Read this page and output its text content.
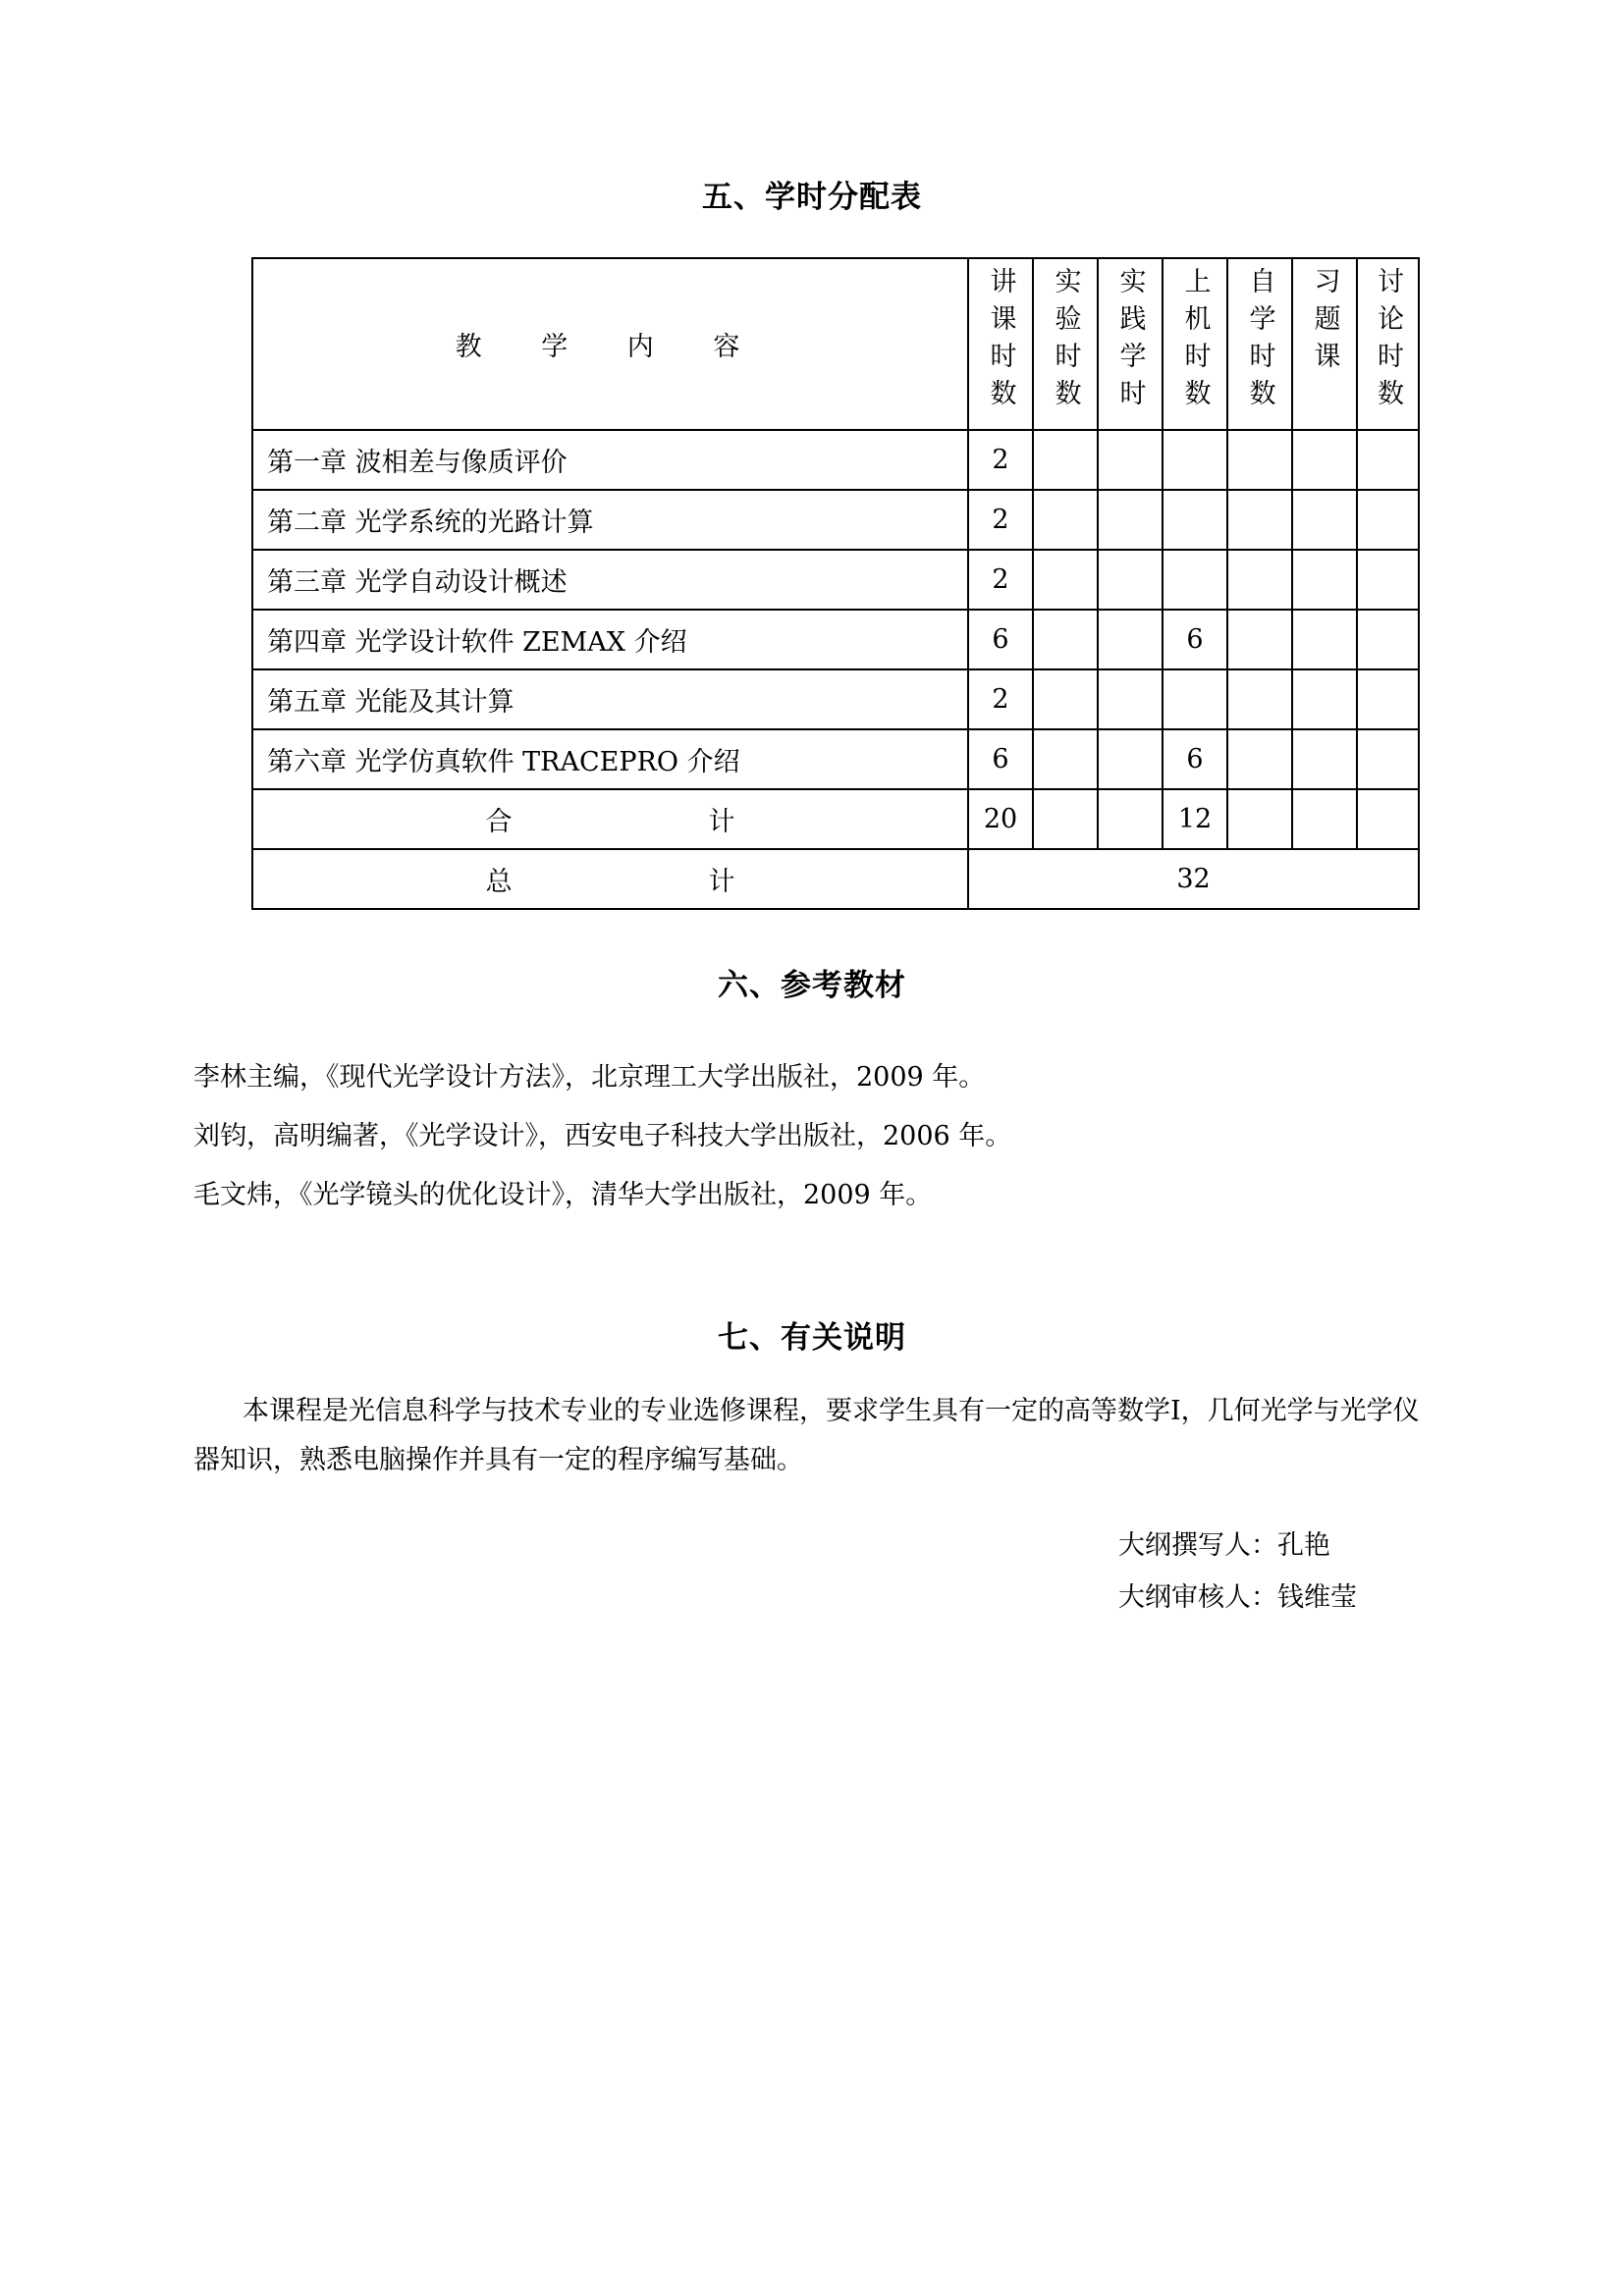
五、学时分配表
教 学 内 容	讲课时数	实验时数	实践学时	上机时数	自学时数	习题课	讨论时数
第一章 波相差与像质评价	2						
第二章 光学系统的光路计算	2						
第三章 光学自动设计概述	2						
第四章 光学设计软件 ZEMAX 介绍	6			6			
第五章 光能及其计算	2						
第六章 光学仿真软件 TRACEPRO 介绍	6			6			
合 计	20			12			
总 计	32						
六、参考教材
李林主编，《现代光学设计方法》，北京理工大学出版社，2009 年。
刘钧，高明编著，《光学设计》，西安电子科技大学出版社，2006 年。
毛文炜，《光学镜头的优化设计》，清华大学出版社，2009 年。
七、有关说明
本课程是光信息科学与技术专业的专业选修课程，要求学生具有一定的高等数学Ⅰ，几何光学与光学仪器知识，熟悉电脑操作并具有一定的程序编写基础。
大纲撰写人：孔艳
大纲审核人：钱维莹
